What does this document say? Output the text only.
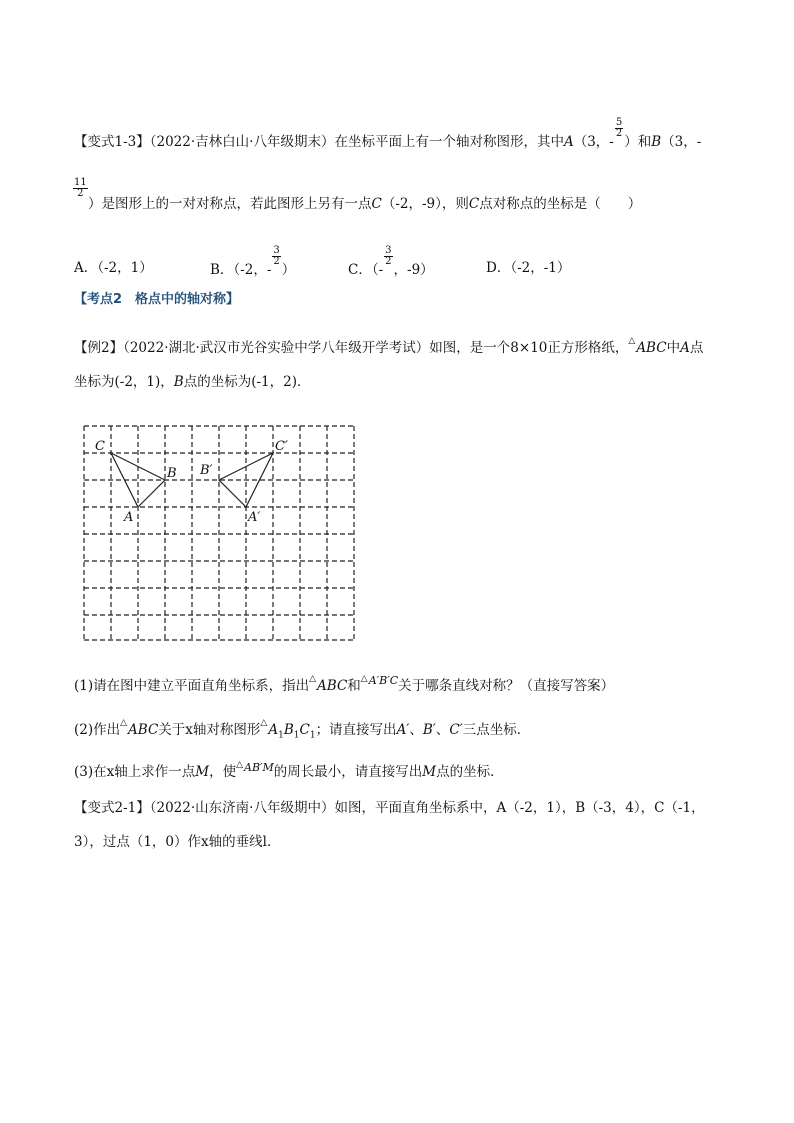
【变式1-3】（2022·吉林白山·八年级期末）在坐标平面上有一个轴对称图形，其中A（3，-
$\frac{5}{2}$
）和B（3，-
$\frac{11}{2}$
）是图形上的一对对称点，若此图形上另有一点C（-2，-9），则C点对称点的坐标是（　　）
A．（-2，1）	B．（-2，-
$\frac{3}{2}$
）	C．（-
$\frac{3}{2}$
，-9）	D．（-2，-1）
【考点2　格点中的轴对称】
【例2】（2022·湖北·武汉市光谷实验中学八年级开学考试）如图，是一个8×10正方形格纸，△ABC中A点
坐标为(-2，1)，B点的坐标为(-1，2)．
C
B
A
C′
B′
A′
(1)请在图中建立平面直角坐标系，指出△ABC和△$^{A'B'C}$关于哪条直线对称？（直接写答案）
(2)作出△ABC关于x轴对称图形$\triangle A_1B_1C_1$；请直接写出A′、B′、C′三点坐标．
(3)在x轴上求作一点M，使△$^{AB'M}$的周长最小，请直接写出M点的坐标．
【变式2-1】（2022·山东济南·八年级期中）如图，平面直角坐标系中，A（-2，1），B（-3，4），C（-1，
3），过点（1，0）作x轴的垂线l．
